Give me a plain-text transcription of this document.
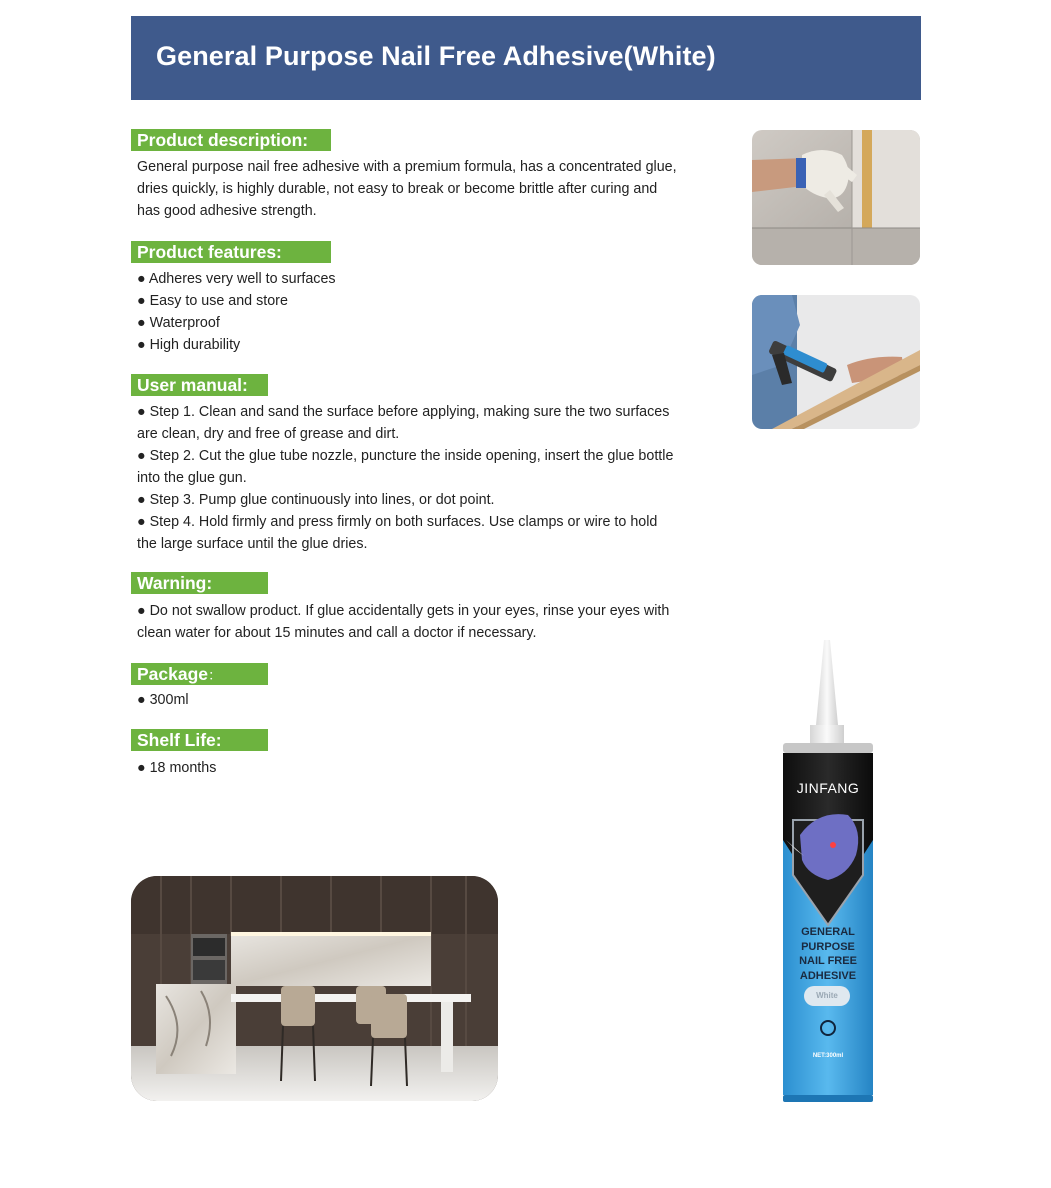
General Purpose Nail Free Adhesive(White)
Product description:

General purpose nail free adhesive with a premium formula, has a concentrated glue, dries quickly, is highly durable, not easy to break or become brittle after curing and has good adhesive strength.

Product features:

● Adheres very well to surfaces

● Easy to use and store

● Waterproof

● High durability

User manual:

● Step 1. Clean and sand the surface before applying, making sure the two surfaces are clean, dry and free of grease and dirt.

● Step 2. Cut the glue tube nozzle, puncture the inside opening, insert the glue bottle into the glue gun.

● Step 3. Pump glue continuously into lines, or dot point.

● Step 4. Hold firmly and press firmly on both surfaces. Use clamps or wire to hold the large surface until the glue dries.

Warning:

● Do not swallow product. If glue accidentally gets in your eyes, rinse your eyes with clean water for about 15 minutes and call a doctor if necessary.

Package：

● 300ml

Shelf Life:

● 18 months

JINFANG
GENERAL
PURPOSE
NAIL FREE
ADHESIVE
White
NET:300ml
